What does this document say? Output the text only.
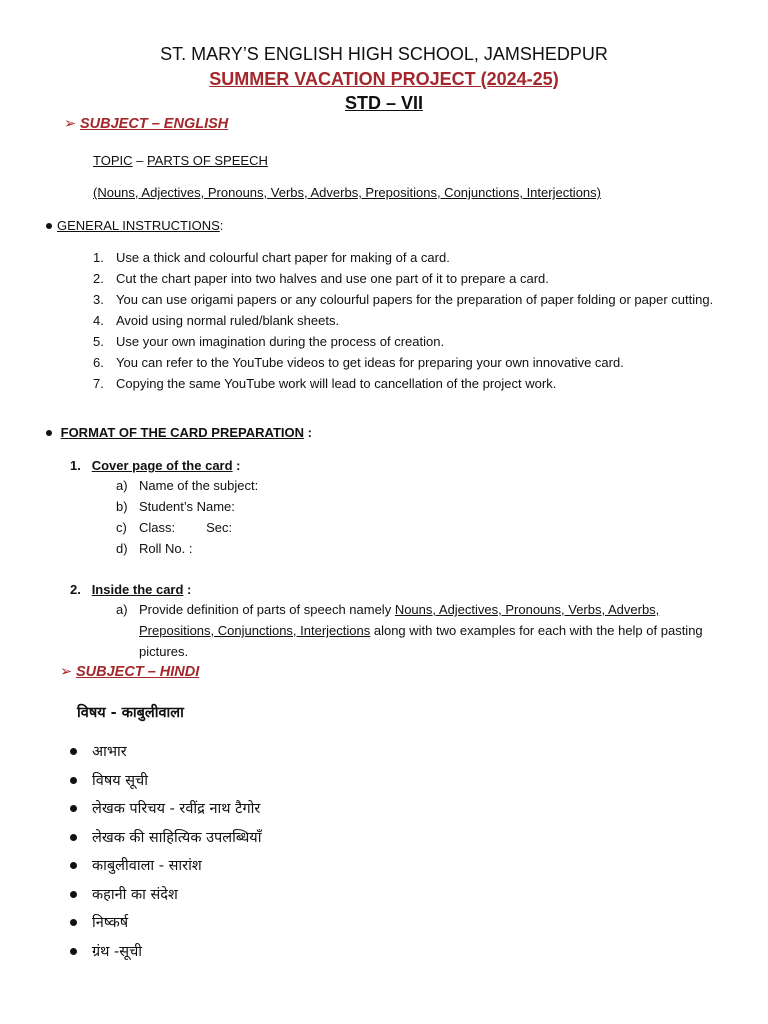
ST. MARY’S ENGLISH HIGH SCHOOL, JAMSHEDPUR
SUMMER VACATION PROJECT (2024-25)
STD – VII
➢ SUBJECT – ENGLISH
TOPIC – PARTS OF SPEECH
(Nouns, Adjectives, Pronouns, Verbs, Adverbs, Prepositions, Conjunctions, Interjections)
GENERAL INSTRUCTIONS:
1. Use a thick and colourful chart paper for making of a card.
2. Cut the chart paper into two halves and use one part of it to prepare a card.
3. You can use origami papers or any colourful papers for the preparation of paper folding or paper cutting.
4. Avoid using normal ruled/blank sheets.
5. Use your own imagination during the process of creation.
6. You can refer to the YouTube videos to get ideas for preparing your own innovative card.
7. Copying the same YouTube work will lead to cancellation of the project work.
FORMAT OF THE CARD PREPARATION :
1. Cover page of the card :
a) Name of the subject:
b) Student’s Name:
c) Class: Sec:
d) Roll No. :
2. Inside the card :
a) Provide definition of parts of speech namely Nouns, Adjectives, Pronouns, Verbs, Adverbs, Prepositions, Conjunctions, Interjections along with two examples for each with the help of pasting pictures.
➢ SUBJECT – HINDI
विषय - काबुलीवाला
आभार
विषय सूची
लेखक परिचय - रवींद्र नाथ टैगोर
लेखक की साहित्यिक उपलब्धियाँ
काबुलीवाला - सारांश
कहानी का संदेश
निष्कर्ष
ग्रंथ -सूची
